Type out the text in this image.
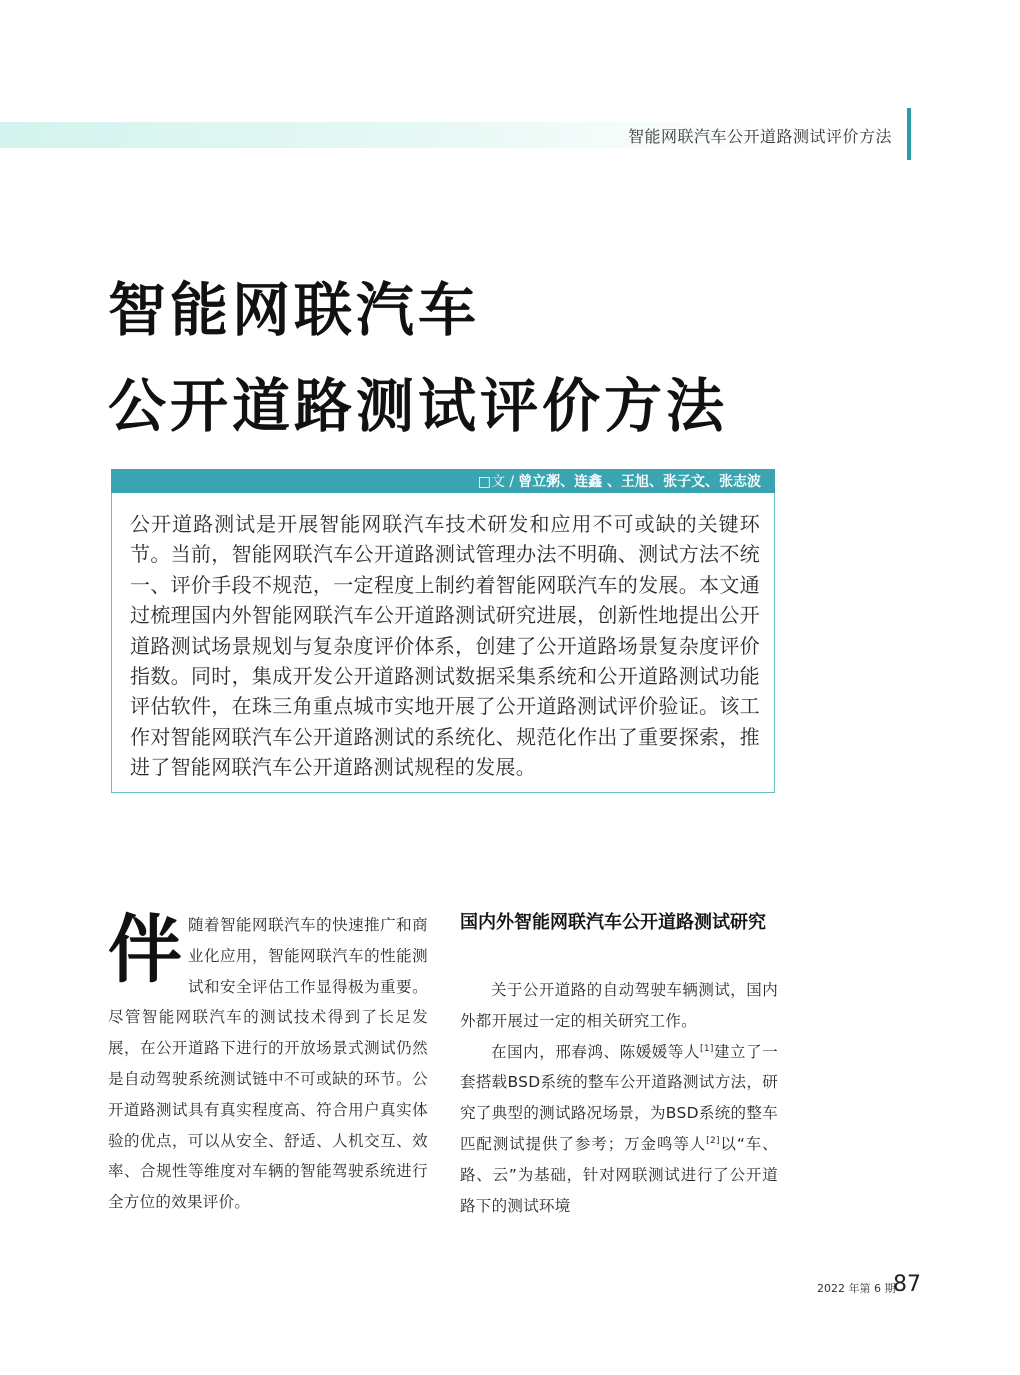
智能网联汽车公开道路测试评价方法
智能网联汽车
公开道路测试评价方法
□文 / 曾立粥、连鑫 、王旭、张子文、张志波

公开道路测试是开展智能网联汽车技术研发和应用不可或缺的关键环节。当前，智能网联汽车公开道路测试管理办法不明确、测试方法不统一、评价手段不规范，一定程度上制约着智能网联汽车的发展。本文通过梳理国内外智能网联汽车公开道路测试研究进展，创新性地提出公开道路测试场景规划与复杂度评价体系，创建了公开道路场景复杂度评价指数。同时，集成开发公开道路测试数据采集系统和公开道路测试功能评估软件，在珠三角重点城市实地开展了公开道路测试评价验证。该工作对智能网联汽车公开道路测试的系统化、规范化作出了重要探索，推进了智能网联汽车公开道路测试规程的发展。

伴 随着智能网联汽车的快速推广和商业化应用，智能网联汽车的性能测试和安全评估工作显得极为重要。尽管智能网联汽车的测试技术得到了长足发展，在公开道路下进行的开放场景式测试仍然是自动驾驶系统测试链中不可或缺的环节。公开道路测试具有真实程度高、符合用户真实体验的优点，可以从安全、舒适、人机交互、效率、合规性等维度对车辆的智能驾驶系统进行全方位的效果评价。

国内外智能网联汽车公开道路测试研究

关于公开道路的自动驾驶车辆测试，国内外都开展过一定的相关研究工作。

在国内，邢春鸿、陈媛媛等人[1]建立了一套搭载BSD系统的整车公开道路测试方法，研究了典型的测试路况场景，为BSD系统的整车匹配测试提供了参考；万金鸣等人[2]以“车、路、云”为基础，针对网联测试进行了公开道路下的测试环境

2022 年第 6 期
87
